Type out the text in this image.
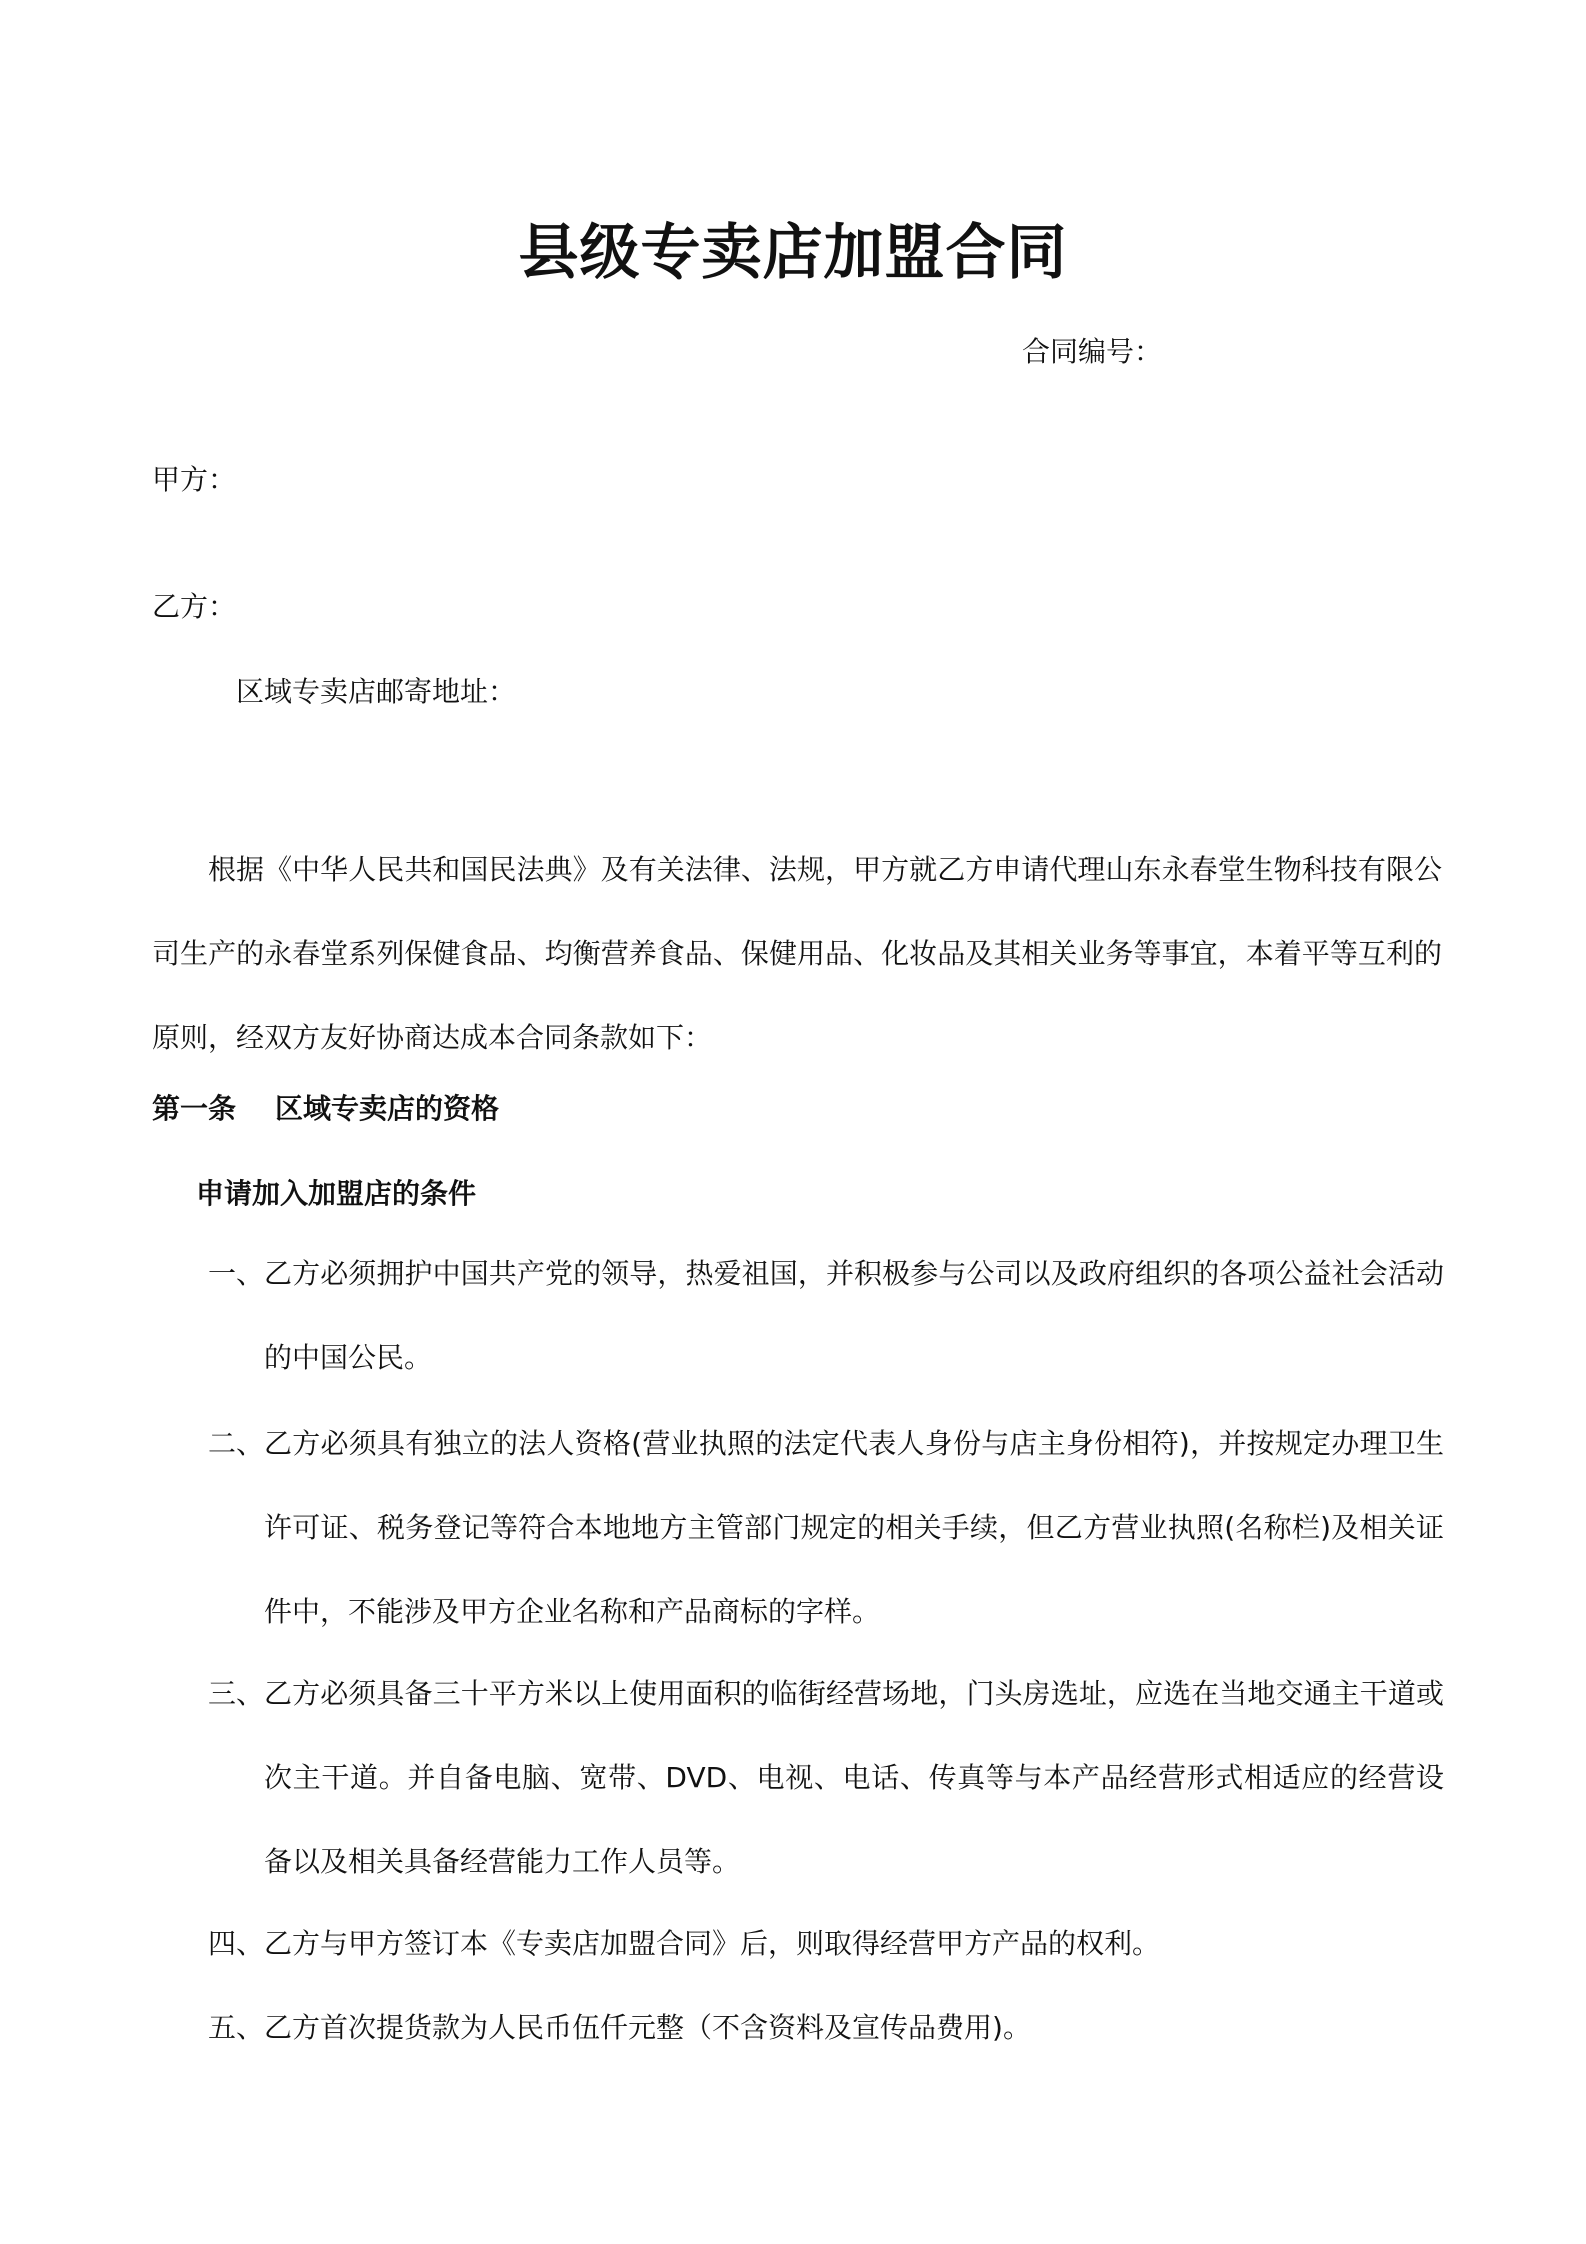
县级专卖店加盟合同

合同编号：

甲方：

乙方：

区域专卖店邮寄地址：

根据《中华人民共和国民法典》及有关法律、法规，甲方就乙方申请代理山东永春堂生物科技有限公司生产的永春堂系列保健食品、均衡营养食品、保健用品、化妆品及其相关业务等事宜，本着平等互利的原则，经双方友好协商达成本合同条款如下：

第一条    区域专卖店的资格

申请加入加盟店的条件

一、 乙方必须拥护中国共产党的领导，热爱祖国，并积极参与公司以及政府组织的各项公益社会活动的中国公民。
二、 乙方必须具有独立的法人资格(营业执照的法定代表人身份与店主身份相符)，并按规定办理卫生许可证、税务登记等符合本地地方主管部门规定的相关手续，但乙方营业执照(名称栏)及相关证件中，不能涉及甲方企业名称和产品商标的字样。
三、 乙方必须具备三十平方米以上使用面积的临街经营场地，门头房选址，应选在当地交通主干道或次主干道。并自备电脑、宽带、DVD、电视、电话、传真等与本产品经营形式相适应的经营设备以及相关具备经营能力工作人员等。
四、 乙方与甲方签订本《专卖店加盟合同》后，则取得经营甲方产品的权利。
五、 乙方首次提货款为人民币伍仟元整（不含资料及宣传品费用)。
